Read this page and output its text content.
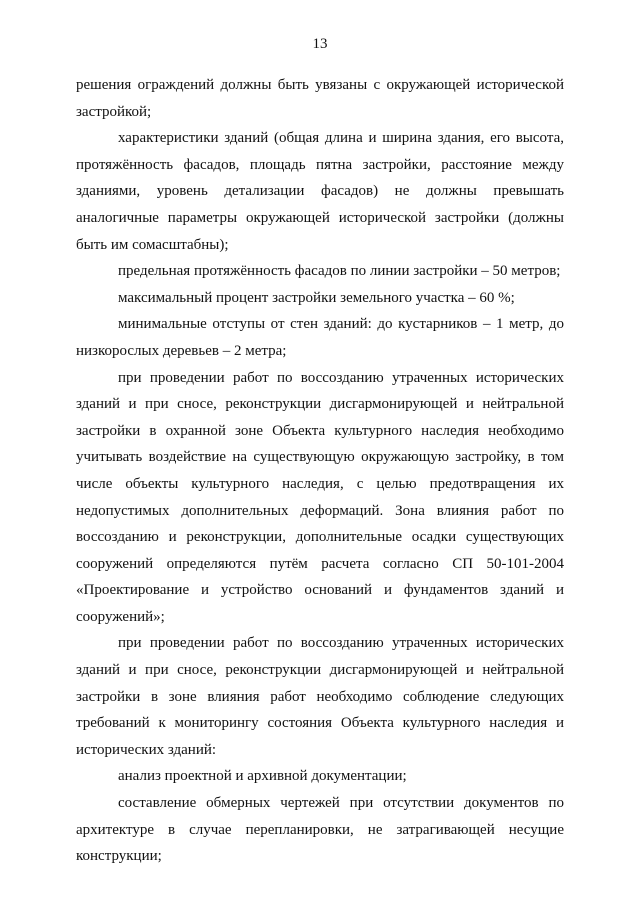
13

решения ограждений должны быть увязаны с окружающей исторической застройкой;

характеристики зданий (общая длина и ширина здания, его высота, протяжённость фасадов, площадь пятна застройки, расстояние между зданиями, уровень детализации фасадов) не должны превышать аналогичные параметры окружающей исторической застройки (должны быть им сомасштабны);

предельная протяжённость фасадов по линии застройки – 50 метров;

максимальный процент застройки земельного участка – 60 %;

минимальные отступы от стен зданий: до кустарников – 1 метр, до низкорослых деревьев – 2 метра;

при проведении работ по воссозданию утраченных исторических зданий и при сносе, реконструкции дисгармонирующей и нейтральной застройки в охранной зоне Объекта культурного наследия необходимо учитывать воздействие на существующую окружающую застройку, в том числе объекты культурного наследия, с целью предотвращения их недопустимых дополнительных деформаций. Зона влияния работ по воссозданию и реконструкции, дополнительные осадки существующих сооружений определяются путём расчета согласно СП 50-101-2004 «Проектирование и устройство оснований и фундаментов зданий и сооружений»;

при проведении работ по воссозданию утраченных исторических зданий и при сносе, реконструкции дисгармонирующей и нейтральной застройки в зоне влияния работ необходимо соблюдение следующих требований к мониторингу состояния Объекта культурного наследия и исторических зданий:

анализ проектной и архивной документации;

составление обмерных чертежей при отсутствии документов по архитектуре в случае перепланировки, не затрагивающей несущие конструкции;
